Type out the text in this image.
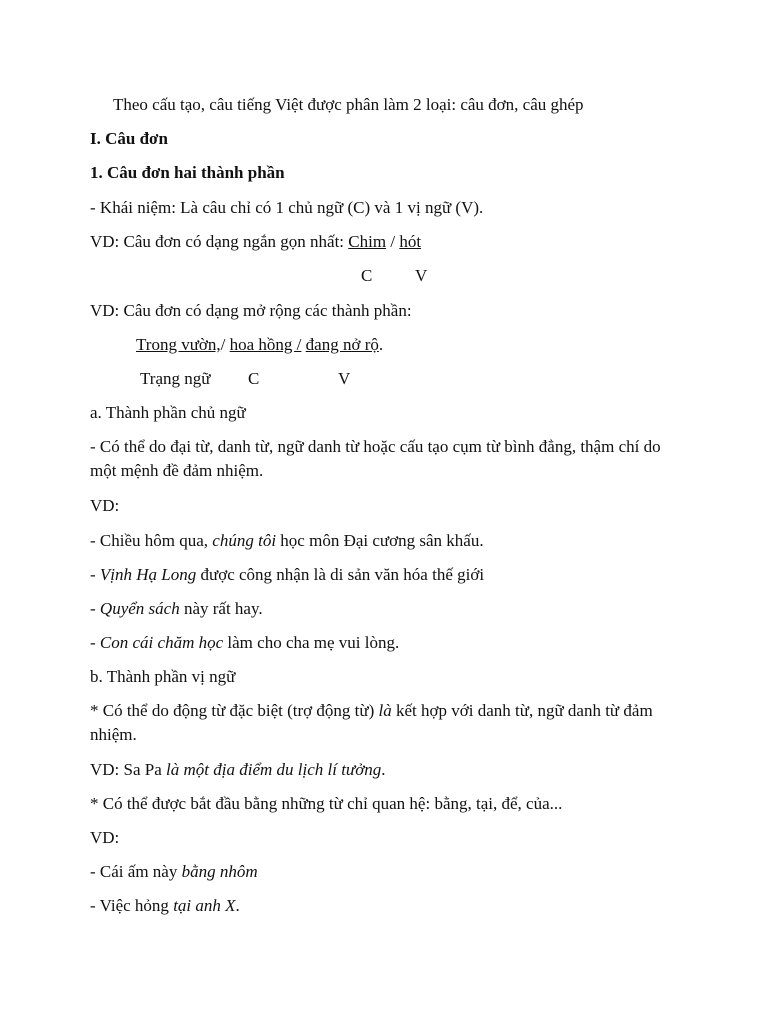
Theo cấu tạo, câu tiếng Việt được phân làm 2 loại: câu đơn, câu ghép
I. Câu đơn
1. Câu đơn hai thành phần
- Khái niệm: Là câu chỉ có 1 chủ ngữ (C) và 1 vị ngữ (V).
VD: Câu đơn có dạng ngắn gọn nhất: Chim / hót
C	V
VD: Câu đơn có dạng mở rộng các thành phần:
Trong vườn,/ hoa hồng / đang nở rộ.
Trạng ngữ C	V
a. Thành phần chủ ngữ
- Có thể do đại từ, danh từ, ngữ danh từ hoặc cấu tạo cụm từ bình đẳng, thậm chí do một mệnh đề đảm nhiệm.
VD:
- Chiều hôm qua, chúng tôi học môn Đại cương sân khấu.
- Vịnh Hạ Long được công nhận là di sản văn hóa thế giới
- Quyển sách này rất hay.
- Con cái chăm học làm cho cha mẹ vui lòng.
b. Thành phần vị ngữ
* Có thể do động từ đặc biệt (trợ động từ) là kết hợp với danh từ, ngữ danh từ đảm nhiệm.
VD: Sa Pa là một địa điểm du lịch lí tưởng.
* Có thể được bắt đầu bằng những từ chỉ quan hệ: bằng, tại, để, của...
VD:
- Cái ấm này bằng nhôm
- Việc hỏng tại anh X.
